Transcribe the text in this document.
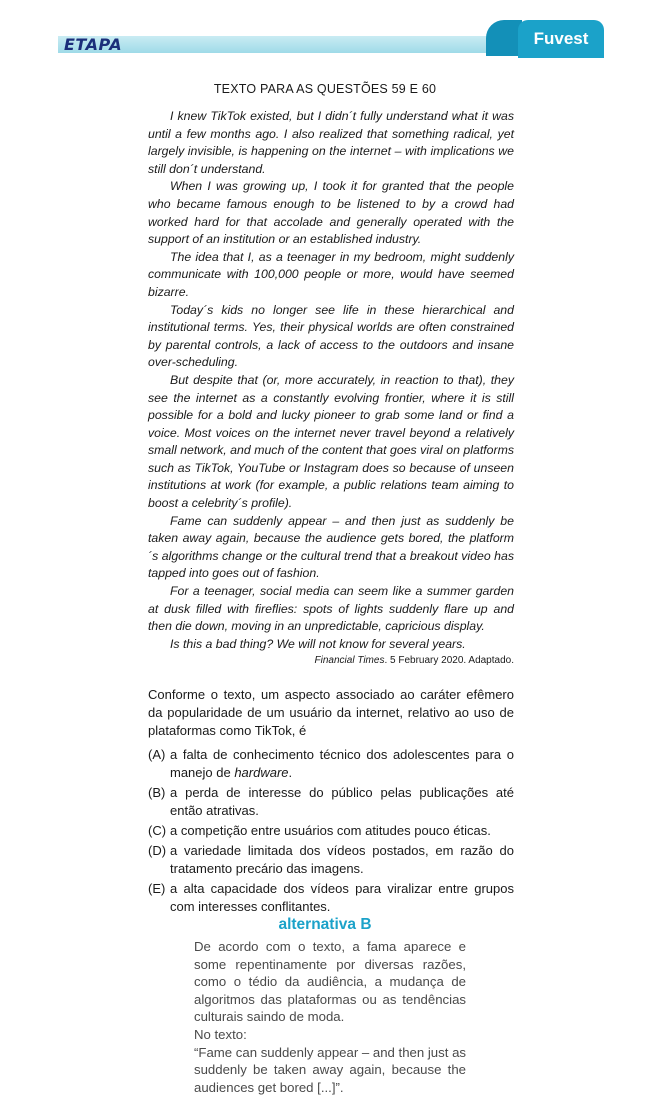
ETAPA	Fuvest
TEXTO PARA AS QUESTÕES 59 E 60

I knew TikTok existed, but I didn´t fully understand what it was until a few months ago. I also realized that something radical, yet largely invisible, is happening on the internet – with implications we still don´t understand.

When I was growing up, I took it for granted that the people who became famous enough to be listened to by a crowd had worked hard for that accolade and generally operated with the support of an institution or an established industry.

The idea that I, as a teenager in my bedroom, might suddenly communicate with 100,000 people or more, would have seemed bizarre.

Today´s kids no longer see life in these hierarchical and institutional terms. Yes, their physical worlds are often constrained by parental controls, a lack of access to the outdoors and insane over-scheduling.

But despite that (or, more accurately, in reaction to that), they see the internet as a constantly evolving frontier, where it is still possible for a bold and lucky pioneer to grab some land or find a voice. Most voices on the internet never travel beyond a relatively small network, and much of the content that goes viral on platforms such as TikTok, YouTube or Instagram does so because of unseen institutions at work (for example, a public relations team aiming to boost a celebrity´s profile).

Fame can suddenly appear – and then just as suddenly be taken away again, because the audience gets bored, the platform´s algorithms change or the cultural trend that a breakout video has tapped into goes out of fashion.

For a teenager, social media can seem like a summer garden at dusk filled with fireflies: spots of lights suddenly flare up and then die down, moving in an unpredictable, capricious display.

Is this a bad thing? We will not know for several years.

Financial Times. 5 February 2020. Adaptado.
Conforme o texto, um aspecto associado ao caráter efêmero da popularidade de um usuário da internet, relativo ao uso de plataformas como TikTok, é
(A) a falta de conhecimento técnico dos adolescentes para o manejo de hardware.
(B) a perda de interesse do público pelas publicações até então atrativas.
(C) a competição entre usuários com atitudes pouco éticas.
(D) a variedade limitada dos vídeos postados, em razão do tratamento precário das imagens.
(E) a alta capacidade dos vídeos para viralizar entre grupos com interesses conflitantes.
alternativa B

De acordo com o texto, a fama aparece e some repentinamente por diversas razões, como o tédio da audiência, a mudança de algoritmos das plataformas ou as tendências culturais saindo de moda.

No texto:

“Fame can suddenly appear – and then just as suddenly be taken away again, because the audiences get bored [...]”.
